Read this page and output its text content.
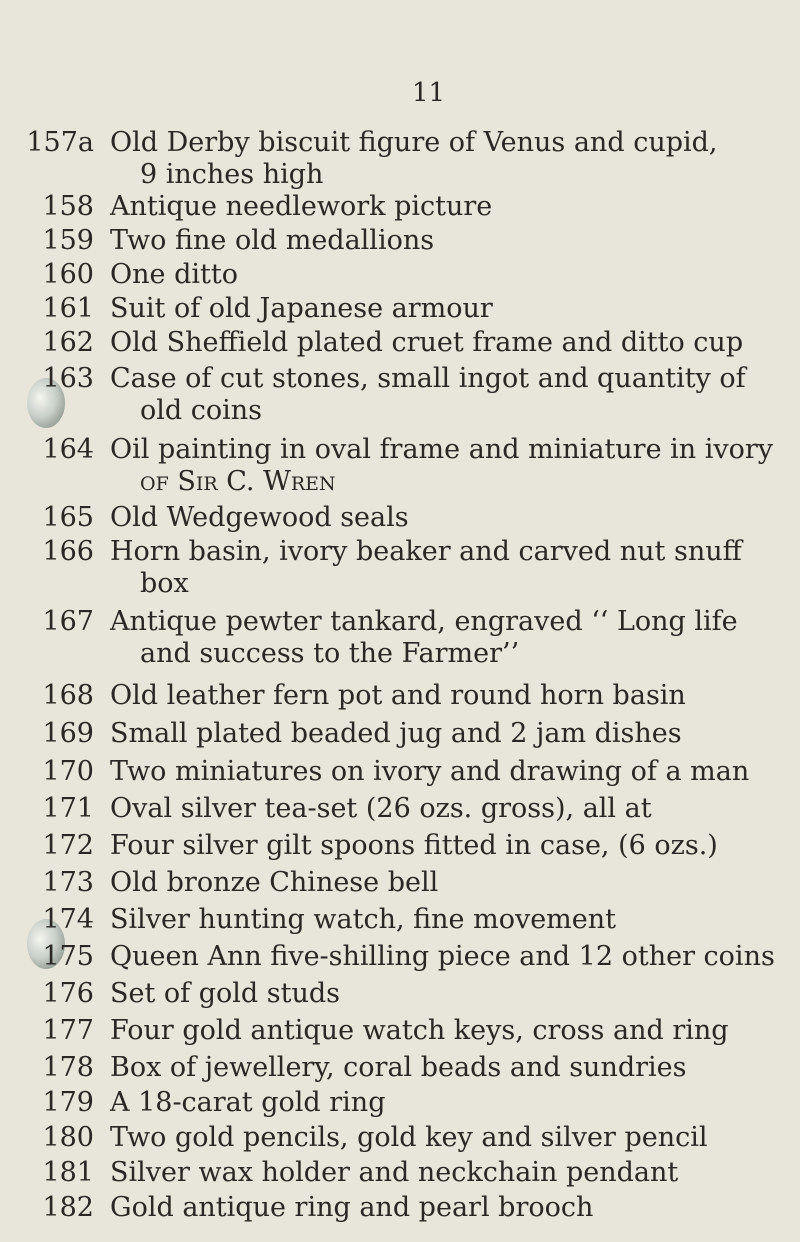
11
157a Old Derby biscuit figure of Venus and cupid,
9 inches high
158 Antique needlework picture
159 Two fine old medallions
160 One ditto
161 Suit of old Japanese armour
162 Old Sheffield plated cruet frame and ditto cup
163 Case of cut stones, small ingot and quantity of
old coins
164 Oil painting in oval frame and miniature in ivory
of Sir C. Wren
165 Old Wedgewood seals
166 Horn basin, ivory beaker and carved nut snuff
box
167 Antique pewter tankard, engraved ‘‘ Long life
and success to the Farmer’’
168 Old leather fern pot and round horn basin
169 Small plated beaded jug and 2 jam dishes
170 Two miniatures on ivory and drawing of a man
171 Oval silver tea-set (26 ozs. gross), all at
172 Four silver gilt spoons fitted in case, (6 ozs.)
173 Old bronze Chinese bell
174 Silver hunting watch, fine movement
175 Queen Ann five-shilling piece and 12 other coins
176 Set of gold studs
177 Four gold antique watch keys, cross and ring
178 Box of jewellery, coral beads and sundries
179 A 18-carat gold ring
180 Two gold pencils, gold key and silver pencil
181 Silver wax holder and neckchain pendant
182 Gold antique ring and pearl brooch
